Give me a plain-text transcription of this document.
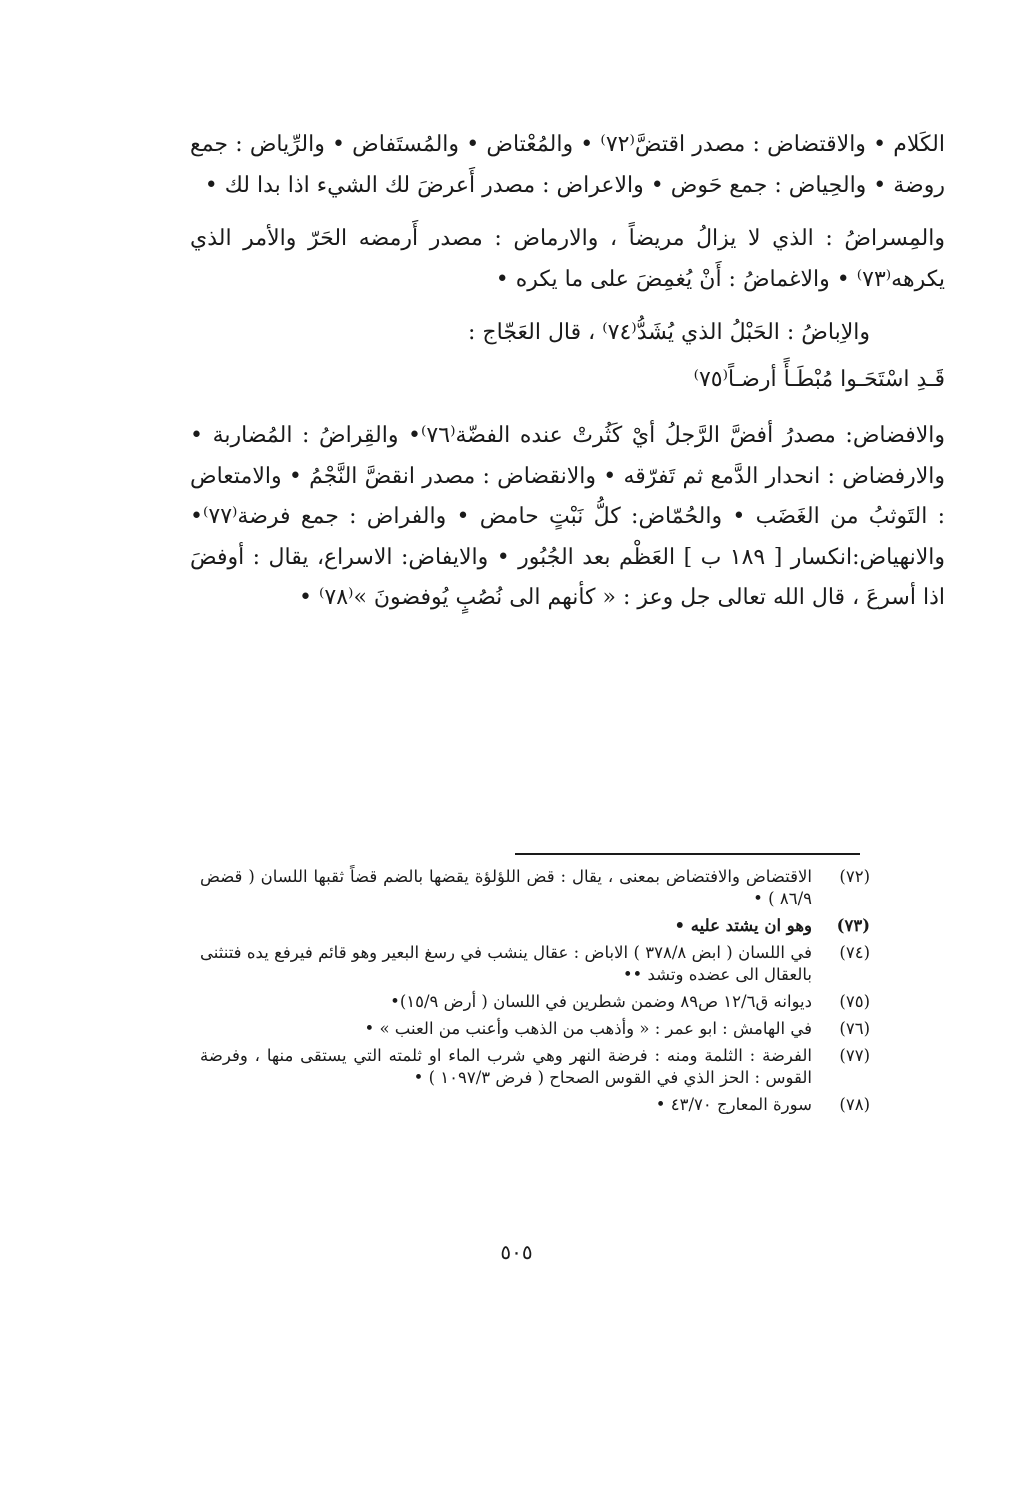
الكَلام • والاقتضاض : مصدر اقتضَّ⁽٧٢⁾ • والمُعْتاض • والمُستَفاض • والرِّياض : جمع روضة • والحِياض : جمع حَوض • والاعراض : مصدر أَعرضَ لك الشيء اذا بدا لك •

والمِسراضُ : الذي لا يزالُ مريضاً ، والارماض : مصدر أَرمضه الحَرّ والأمر الذي يكرهه⁽٧٣⁾ • والاغماضُ : أَنْ يُغمِضَ على ما يكره •

والاِباضُ : الحَبْلُ الذي يُشَدُّ⁽٧٤⁾ ، قال العَجّاج :

قَـدِ اسْتَحَـوا مُبْطَـأً أرضـاً⁽٧٥⁾

والافضاض: مصدرُ أفضَّ الرَّجلُ أيْ كَثُرتْ عنده الفضّة⁽٧٦⁾• والقِراضُ : المُضاربة • والارفضاض : انحدار الدَّمع ثم تَفرّقه • والانقضاض : مصدر انقضَّ النَّجْمُ • والامتعاض : التَوثبُ من الغَضَب • والحُمّاض: كلُّ نَبْتٍ حامض • والفراض : جمع فرضة⁽٧٧⁾• والانهياض:انكسار [ ١٨٩ ب ] العَظْم بعد الجُبُور • والايفاض: الاسراع، يقال : أوفضَ اذا أسرعَ ، قال الله تعالى جل وعز : « كأنهم الى نُصُبٍ يُوفضونَ »⁽٧٨⁾ •

(٧٢)
الاقتضاض والافتضاض بمعنى ، يقال : قض اللؤلؤة يقضها بالضم قضاً ثقبها اللسان ( قضض ٨٦/٩ ) •
(٧٣)
وهو ان يشتد عليه •
(٧٤)
في اللسان ( ابض ٣٧٨/٨ ) الاباض : عقال ينشب في رسغ البعير وهو قائم فيرفع يده فتنثنى بالعقال الى عضده وتشد ••
(٧٥)
ديوانه ق١٢/٦ ص٨٩ وضمن شطرين في اللسان ( أرض ١٥/٩)•
(٧٦)
في الهامش : ابو عمر : « وأذهب من الذهب وأعنب من العنب » •
(٧٧)
الفرضة : الثلمة ومنه : فرضة النهر وهي شرب الماء او ثلمته التي يستقى منها ، وفرضة القوس : الحز الذي في القوس الصحاح ( فرض ١٠٩٧/٣ ) •
(٧٨)
سورة المعارج ٤٣/٧٠ •
٥٠٥
